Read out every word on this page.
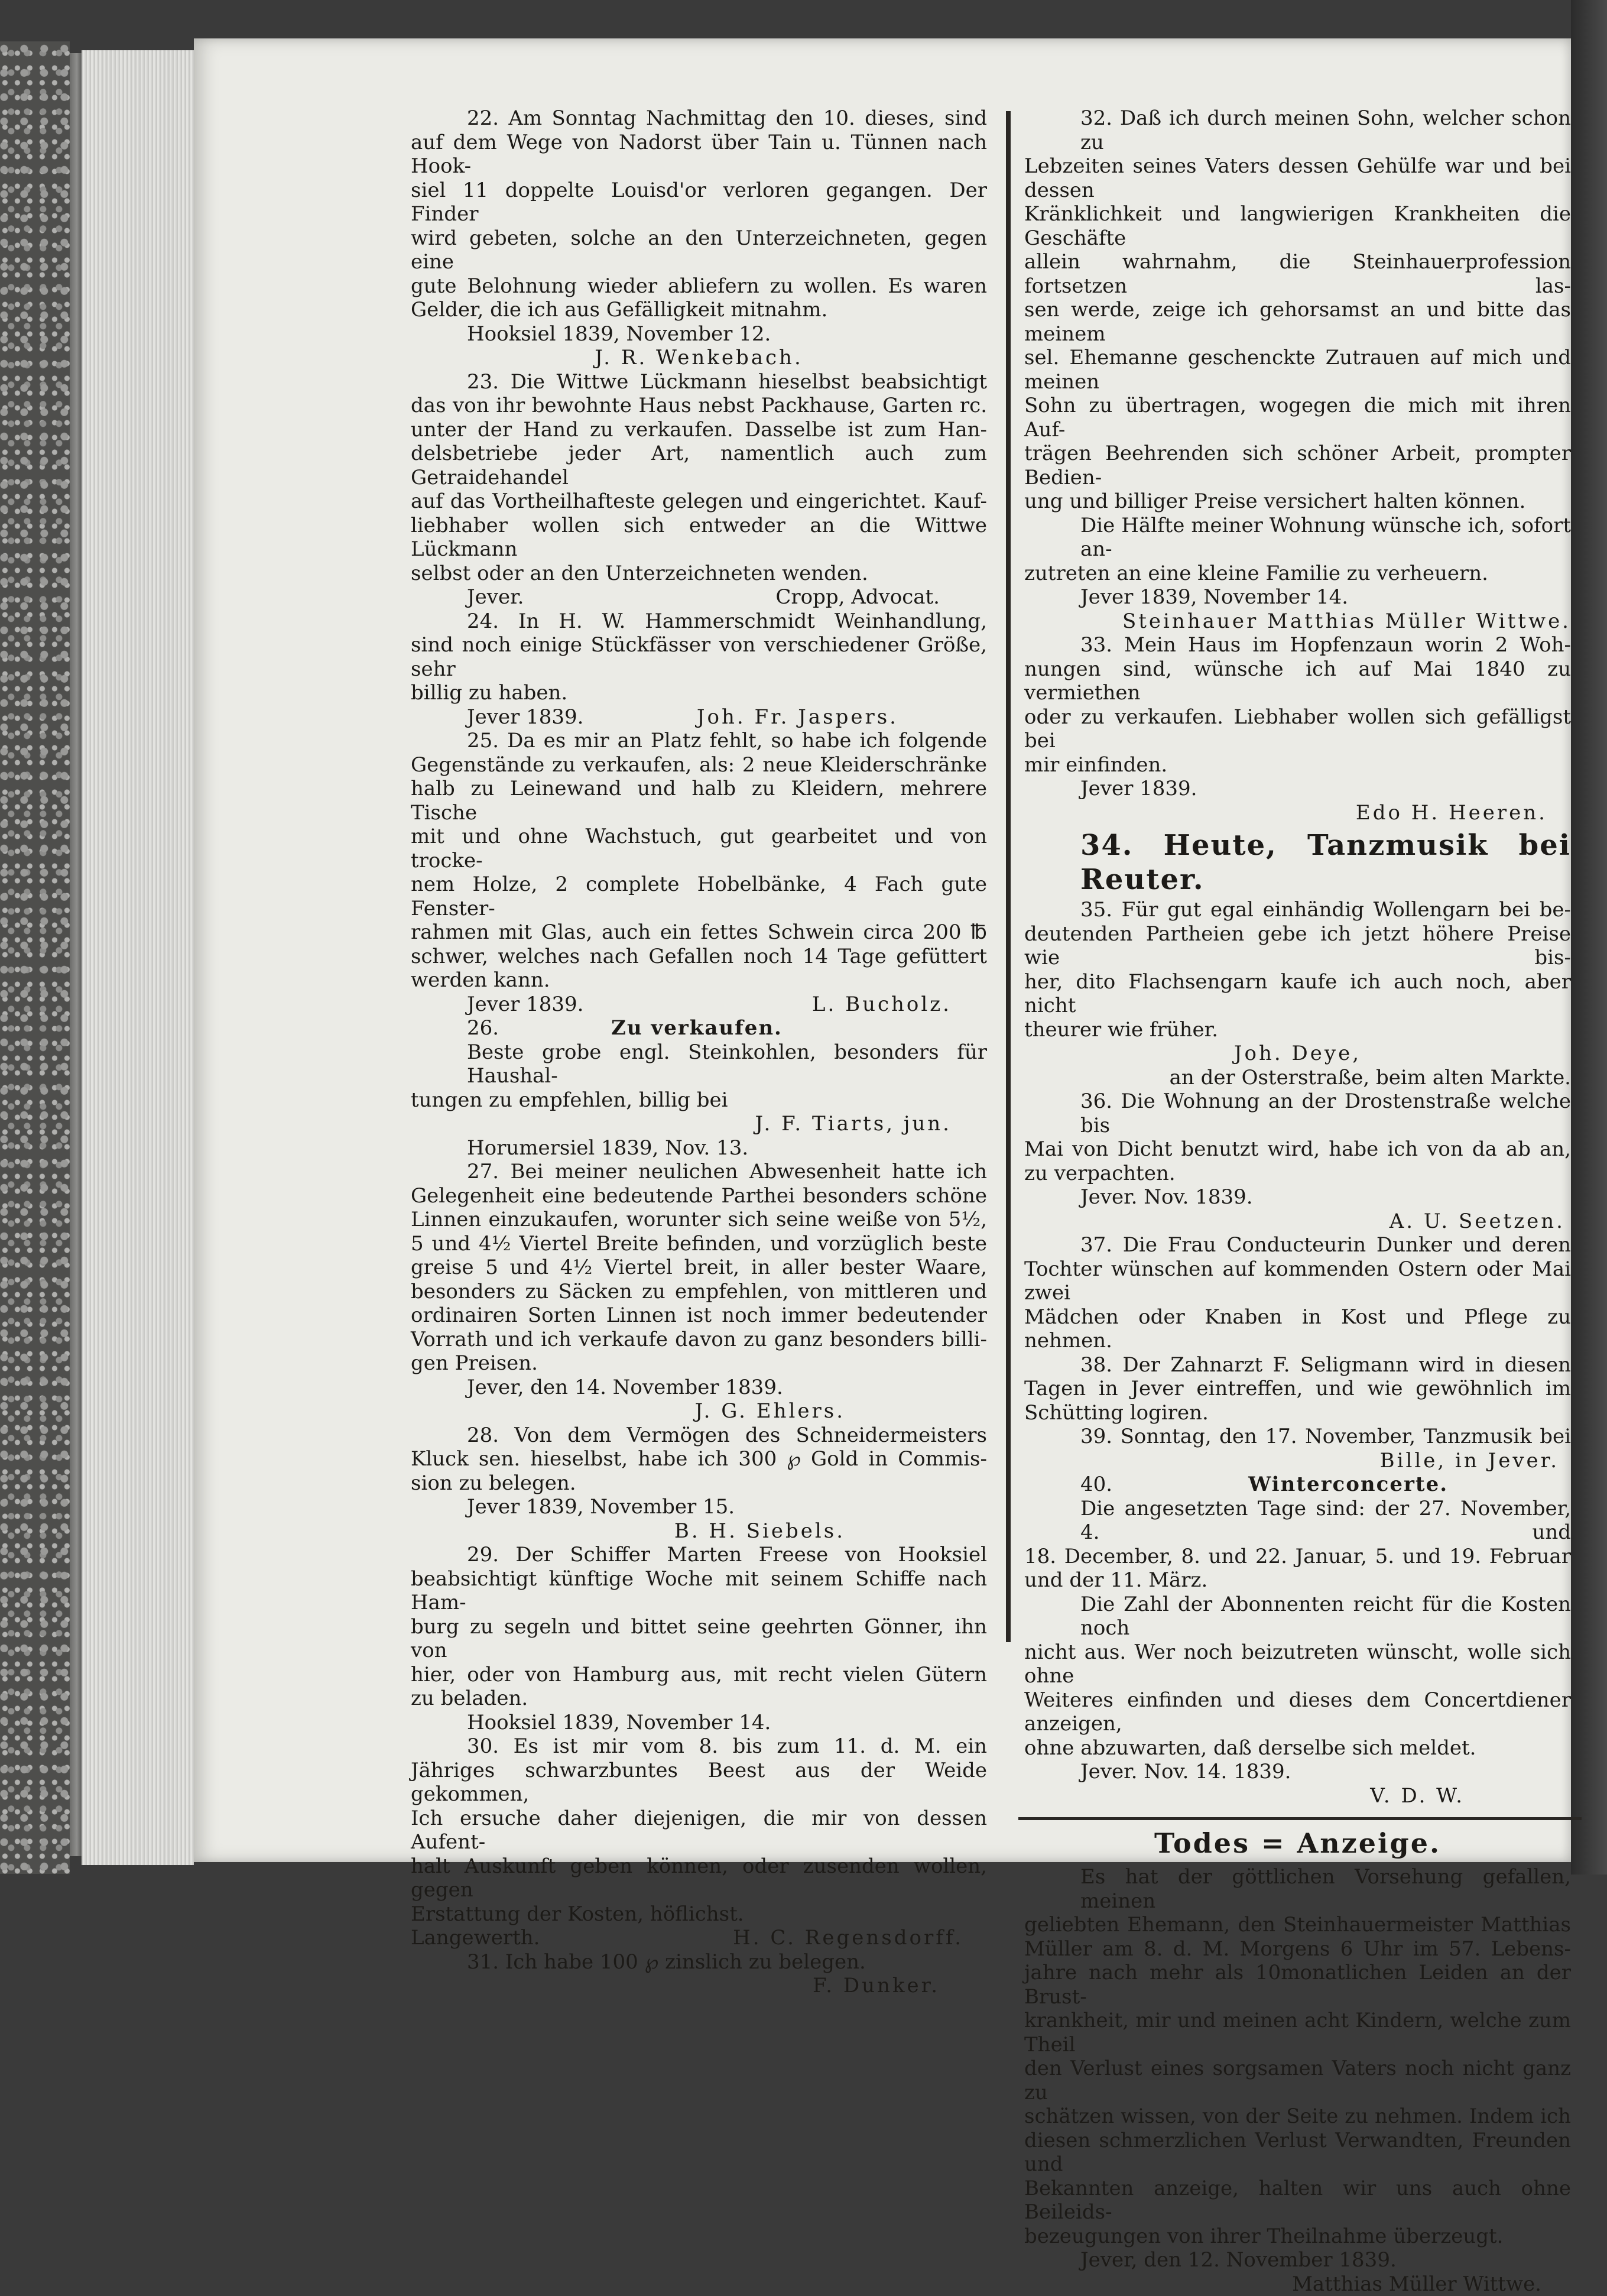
22. Am Sonntag Nachmittag den 10. dieses, sind
auf dem Wege von Nadorst über Tain u. Tünnen nach Hook-
siel 11 doppelte Louisd'or verloren gegangen. Der Finder
wird gebeten, solche an den Unterzeichneten, gegen eine
gute Belohnung wieder abliefern zu wollen. Es waren
Gelder, die ich aus Gefälligkeit mitnahm.
Hooksiel 1839, November 12.
J. R. Wenkebach.
23. Die Wittwe Lückmann hieselbst beabsichtigt
das von ihr bewohnte Haus nebst Packhause, Garten rc.
unter der Hand zu verkaufen. Dasselbe ist zum Han-
delsbetriebe jeder Art, namentlich auch zum Getraidehandel
auf das Vortheilhafteste gelegen und eingerichtet. Kauf-
liebhaber wollen sich entweder an die Wittwe Lückmann
selbst oder an den Unterzeichneten wenden.
Jever.	Cropp, Advocat.
24. In H. W. Hammerschmidt Weinhandlung,
sind noch einige Stückfässer von verschiedener Größe, sehr
billig zu haben.
Jever 1839.	Joh. Fr. Jaspers.
25. Da es mir an Platz fehlt, so habe ich folgende
Gegenstände zu verkaufen, als: 2 neue Kleiderschränke
halb zu Leinewand und halb zu Kleidern, mehrere Tische
mit und ohne Wachstuch, gut gearbeitet und von trocke-
nem Holze, 2 complete Hobelbänke, 4 Fach gute Fenster-
rahmen mit Glas, auch ein fettes Schwein circa 200 ℔
schwer, welches nach Gefallen noch 14 Tage gefüttert
werden kann.
Jever 1839.	L. Bucholz.
26.	Zu verkaufen.
Beste grobe engl. Steinkohlen, besonders für Haushal-
tungen zu empfehlen, billig bei
J. F. Tiarts, jun.
Horumersiel 1839, Nov. 13.
27. Bei meiner neulichen Abwesenheit hatte ich
Gelegenheit eine bedeutende Parthei besonders schöne
Linnen einzukaufen, worunter sich seine weiße von 5½,
5 und 4½ Viertel Breite befinden, und vorzüglich beste
greise 5 und 4½ Viertel breit, in aller bester Waare,
besonders zu Säcken zu empfehlen, von mittleren und
ordinairen Sorten Linnen ist noch immer bedeutender
Vorrath und ich verkaufe davon zu ganz besonders billi-
gen Preisen.
Jever, den 14. November 1839.
J. G. Ehlers.
28. Von dem Vermögen des Schneidermeisters
Kluck sen. hieselbst, habe ich 300 ℘ Gold in Commis-
sion zu belegen.
Jever 1839, November 15.
B. H. Siebels.
29. Der Schiffer Marten Freese von Hooksiel
beabsichtigt künftige Woche mit seinem Schiffe nach Ham-
burg zu segeln und bittet seine geehrten Gönner, ihn von
hier, oder von Hamburg aus, mit recht vielen Gütern
zu beladen.
Hooksiel 1839, November 14.
30. Es ist mir vom 8. bis zum 11. d. M. ein
Jähriges schwarzbuntes Beest aus der Weide gekommen,
Ich ersuche daher diejenigen, die mir von dessen Aufent-
halt Auskunft geben können, oder zusenden wollen, gegen
Erstattung der Kosten, höflichst.
Langewerth.	H. C. Regensdorff.
31. Ich habe 100 ℘ zinslich zu belegen.
F. Dunker.
32. Daß ich durch meinen Sohn, welcher schon zu
Lebzeiten seines Vaters dessen Gehülfe war und bei dessen
Kränklichkeit und langwierigen Krankheiten die Geschäfte
allein wahrnahm, die Steinhauerprofession fortsetzen las-
sen werde, zeige ich gehorsamst an und bitte das meinem
sel. Ehemanne geschenckte Zutrauen auf mich und meinen
Sohn zu übertragen, wogegen die mich mit ihren Auf-
trägen Beehrenden sich schöner Arbeit, prompter Bedien-
ung und billiger Preise versichert halten können.
Die Hälfte meiner Wohnung wünsche ich, sofort an-
zutreten an eine kleine Familie zu verheuern.
Jever 1839, November 14.
Steinhauer Matthias Müller Wittwe.
33. Mein Haus im Hopfenzaun worin 2 Woh-
nungen sind, wünsche ich auf Mai 1840 zu vermiethen
oder zu verkaufen. Liebhaber wollen sich gefälligst bei
mir einfinden.
Jever 1839.
Edo H. Heeren.
34. Heute, Tanzmusik bei Reuter.
35. Für gut egal einhändig Wollengarn bei be-
deutenden Partheien gebe ich jetzt höhere Preise wie bis-
her, dito Flachsengarn kaufe ich auch noch, aber nicht
theurer wie früher.
Joh. Deye,
an der Osterstraße, beim alten Markte.
36. Die Wohnung an der Drostenstraße welche bis
Mai von Dicht benutzt wird, habe ich von da ab an,
zu verpachten.
Jever. Nov. 1839.
A. U. Seetzen.
37. Die Frau Conducteurin Dunker und deren
Tochter wünschen auf kommenden Ostern oder Mai zwei
Mädchen oder Knaben in Kost und Pflege zu nehmen.
38. Der Zahnarzt F. Seligmann wird in diesen
Tagen in Jever eintreffen, und wie gewöhnlich im
Schütting logiren.
39. Sonntag, den 17. November, Tanzmusik bei
Bille, in Jever.
40.	Winterconcerte.
Die angesetzten Tage sind: der 27. November, 4. und
18. December, 8. und 22. Januar, 5. und 19. Februar
und der 11. März.
Die Zahl der Abonnenten reicht für die Kosten noch
nicht aus. Wer noch beizutreten wünscht, wolle sich ohne
Weiteres einfinden und dieses dem Concertdiener anzeigen,
ohne abzuwarten, daß derselbe sich meldet.
Jever. Nov. 14. 1839.
V. D. W.
Todes = Anzeige.
Es hat der göttlichen Vorsehung gefallen, meinen
geliebten Ehemann, den Steinhauermeister Matthias
Müller am 8. d. M. Morgens 6 Uhr im 57. Lebens-
jahre nach mehr als 10monatlichen Leiden an der Brust-
krankheit, mir und meinen acht Kindern, welche zum Theil
den Verlust eines sorgsamen Vaters noch nicht ganz zu
schätzen wissen, von der Seite zu nehmen. Indem ich
diesen schmerzlichen Verlust Verwandten, Freunden und
Bekannten anzeige, halten wir uns auch ohne Beileids-
bezeugungen von ihrer Theilnahme überzeugt.
Jever, den 12. November 1839.
Matthias Müller Wittwe.
